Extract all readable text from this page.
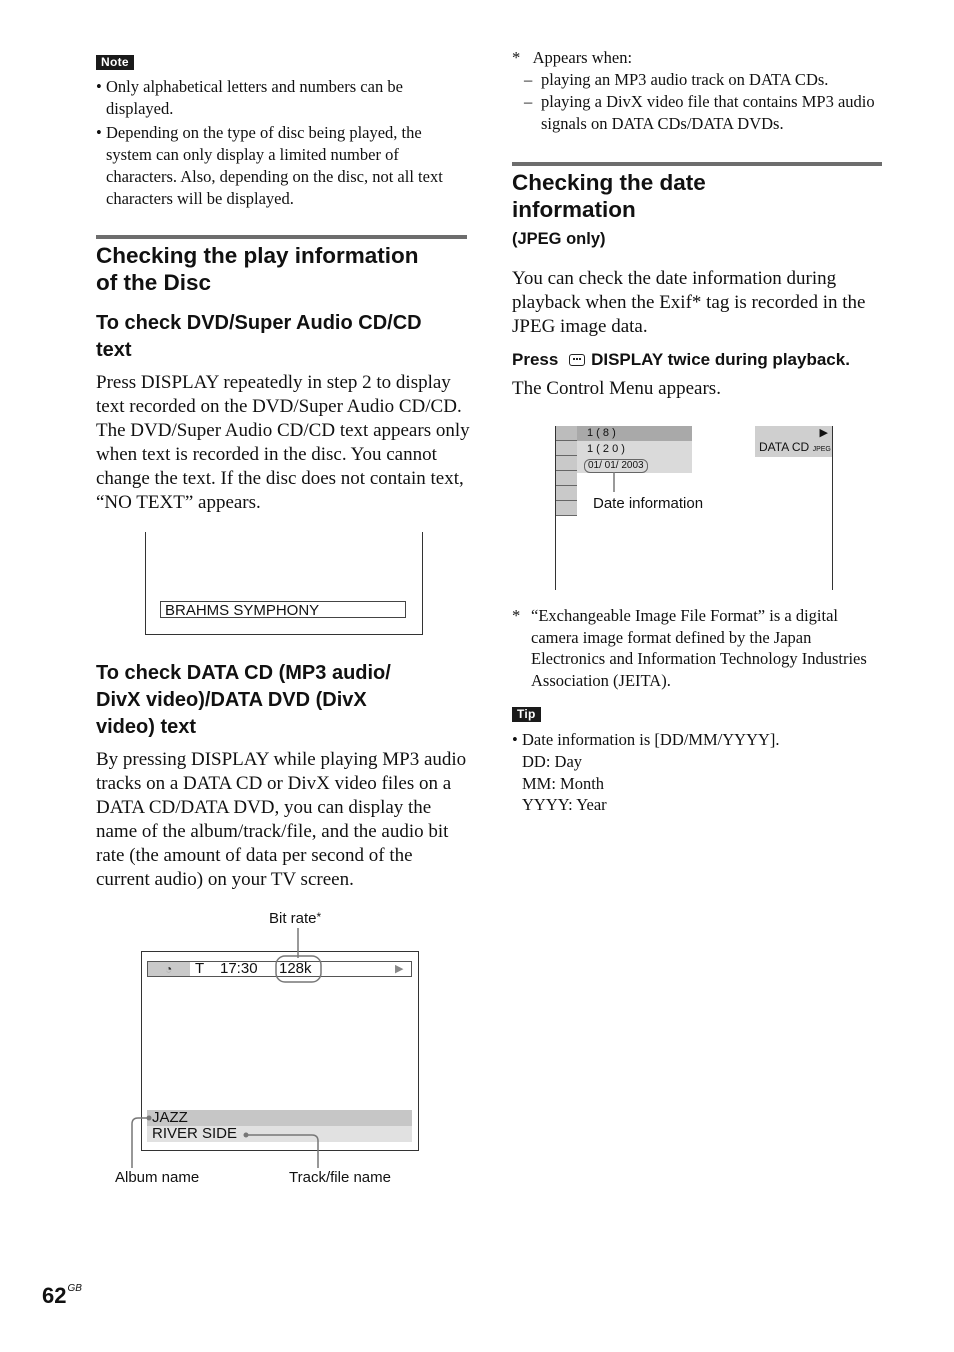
Note
• Only alphabetical letters and numbers can be displayed.
• Depending on the type of disc being played, the system can only display a limited number of characters. Also, depending on the disc, not all text characters will be displayed.
Checking the play information
of the Disc
To check DVD/Super Audio CD/CD
text

Press DISPLAY repeatedly in step 2 to display text recorded on the DVD/Super Audio CD/CD. The DVD/Super Audio CD/CD text appears only when text is recorded in the disc. You cannot change the text. If the disc does not contain text, “NO TEXT” appears.

BRAHMS SYMPHONY
To check DATA CD (MP3 audio/
DivX video)/DATA DVD (DivX
video) text

By pressing DISPLAY while playing MP3 audio tracks on a DATA CD or DivX video files on a DATA CD/DATA DVD, you can display the name of the album/track/file, and the audio bit rate (the amount of data per second of the current audio) on your TV screen.

Bit rate*
◔ T 17:30 128k	▶
JAZZ
RIVER SIDE
Album name	Track/file name
* Appears when:
– playing an MP3 audio track on DATA CDs.
– playing a DivX video file that contains MP3 audio signals on DATA CDs/DATA DVDs.
Checking the date
information
(JPEG only)

You can check the date information during playback when the Exif* tag is recorded in the JPEG image data.

Press DISPLAY twice during playback.

The Control Menu appears.

1 ( 8 )
1 ( 2 0 )
01/ 01/ 2003
▶
DATA CD JPEG
Date information
* “Exchangeable Image File Format” is a digital camera image format defined by the Japan Electronics and Information Technology Industries Association (JEITA).
Tip
• Date information is [DD/MM/YYYY].
DD: Day
MM: Month
YYYY: Year
$62^{GB}$
